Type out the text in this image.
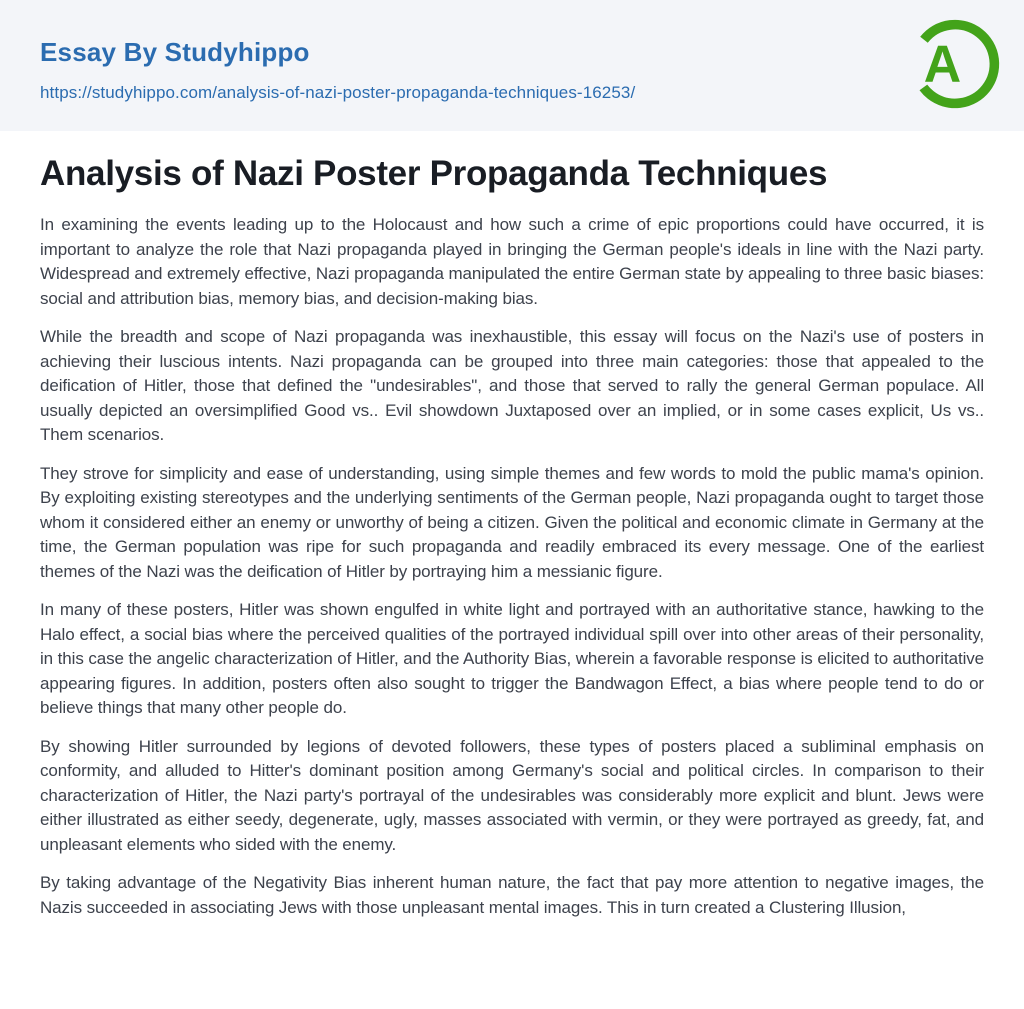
Essay By Studyhippo
https://studyhippo.com/analysis-of-nazi-poster-propaganda-techniques-16253/
A
Analysis of Nazi Poster Propaganda Techniques

In examining the events leading up to the Holocaust and how such a crime of epic proportions could have occurred, it is important to analyze the role that Nazi propaganda played in bringing the German people's ideals in line with the Nazi party. Widespread and extremely effective, Nazi propaganda manipulated the entire German state by appealing to three basic biases: social and attribution bias, memory bias, and decision-making bias.

While the breadth and scope of Nazi propaganda was inexhaustible, this essay will focus on the Nazi's use of posters in achieving their luscious intents. Nazi propaganda can be grouped into three main categories: those that appealed to the deification of Hitler, those that defined the "undesirables", and those that served to rally the general German populace. All usually depicted an oversimplified Good vs.. Evil showdown Juxtaposed over an implied, or in some cases explicit, Us vs.. Them scenarios.

They strove for simplicity and ease of understanding, using simple themes and few words to mold the public mama's opinion. By exploiting existing stereotypes and the underlying sentiments of the German people, Nazi propaganda ought to target those whom it considered either an enemy or unworthy of being a citizen. Given the political and economic climate in Germany at the time, the German population was ripe for such propaganda and readily embraced its every message. One of the earliest themes of the Nazi was the deification of Hitler by portraying him a messianic figure.

In many of these posters, Hitler was shown engulfed in white light and portrayed with an authoritative stance, hawking to the Halo effect, a social bias where the perceived qualities of the portrayed individual spill over into other areas of their personality, in this case the angelic characterization of Hitler, and the Authority Bias, wherein a favorable response is elicited to authoritative appearing figures. In addition, posters often also sought to trigger the Bandwagon Effect, a bias where people tend to do or believe things that many other people do.

By showing Hitler surrounded by legions of devoted followers, these types of posters placed a subliminal emphasis on conformity, and alluded to Hitter's dominant position among Germany's social and political circles. In comparison to their characterization of Hitler, the Nazi party's portrayal of the undesirables was considerably more explicit and blunt. Jews were either illustrated as either seedy, degenerate, ugly, masses associated with vermin, or they were portrayed as greedy, fat, and unpleasant elements who sided with the enemy.

By taking advantage of the Negativity Bias inherent human nature, the fact that pay more attention to negative images, the Nazis succeeded in associating Jews with those unpleasant mental images. This in turn created a Clustering Illusion,
